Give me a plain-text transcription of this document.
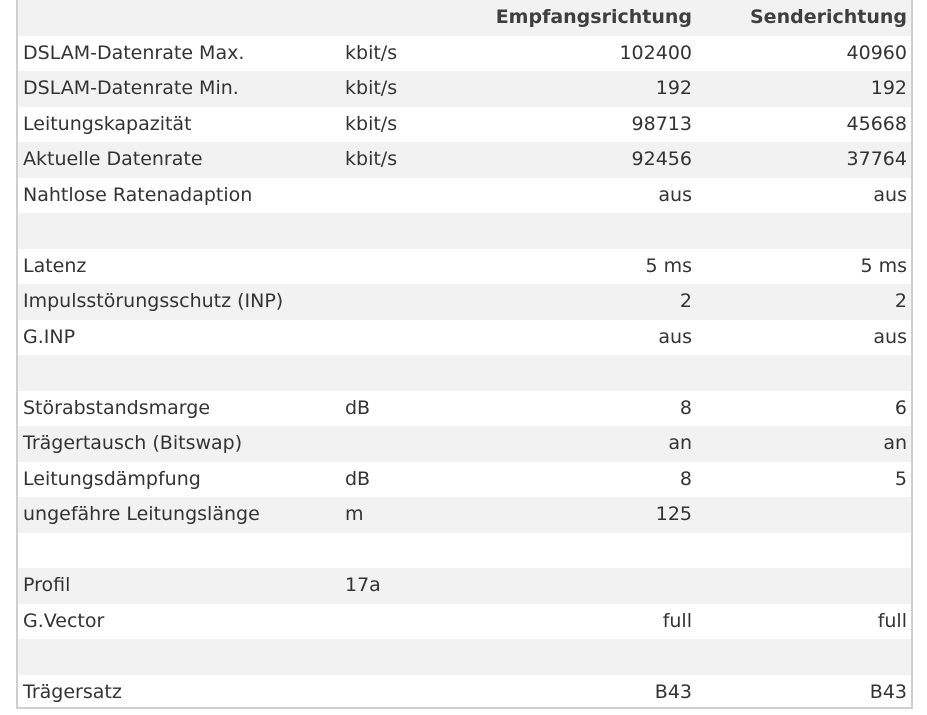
		Empfangsrichtung	Senderichtung
DSLAM-Datenrate Max.	kbit/s	102400	40960
DSLAM-Datenrate Min.	kbit/s	192	192
Leitungskapazität	kbit/s	98713	45668
Aktuelle Datenrate	kbit/s	92456	37764
Nahtlose Ratenadaption		aus	aus

Latenz		5 ms	5 ms
Impulsstörungsschutz (INP)		2	2
G.INP		aus	aus

Störabstandsmarge	dB	8	6
Trägertausch (Bitswap)		an	an
Leitungsdämpfung	dB	8	5
ungefähre Leitungslänge	m	125	

Profil	17a		
G.Vector		full	full

Trägersatz		B43	B43
